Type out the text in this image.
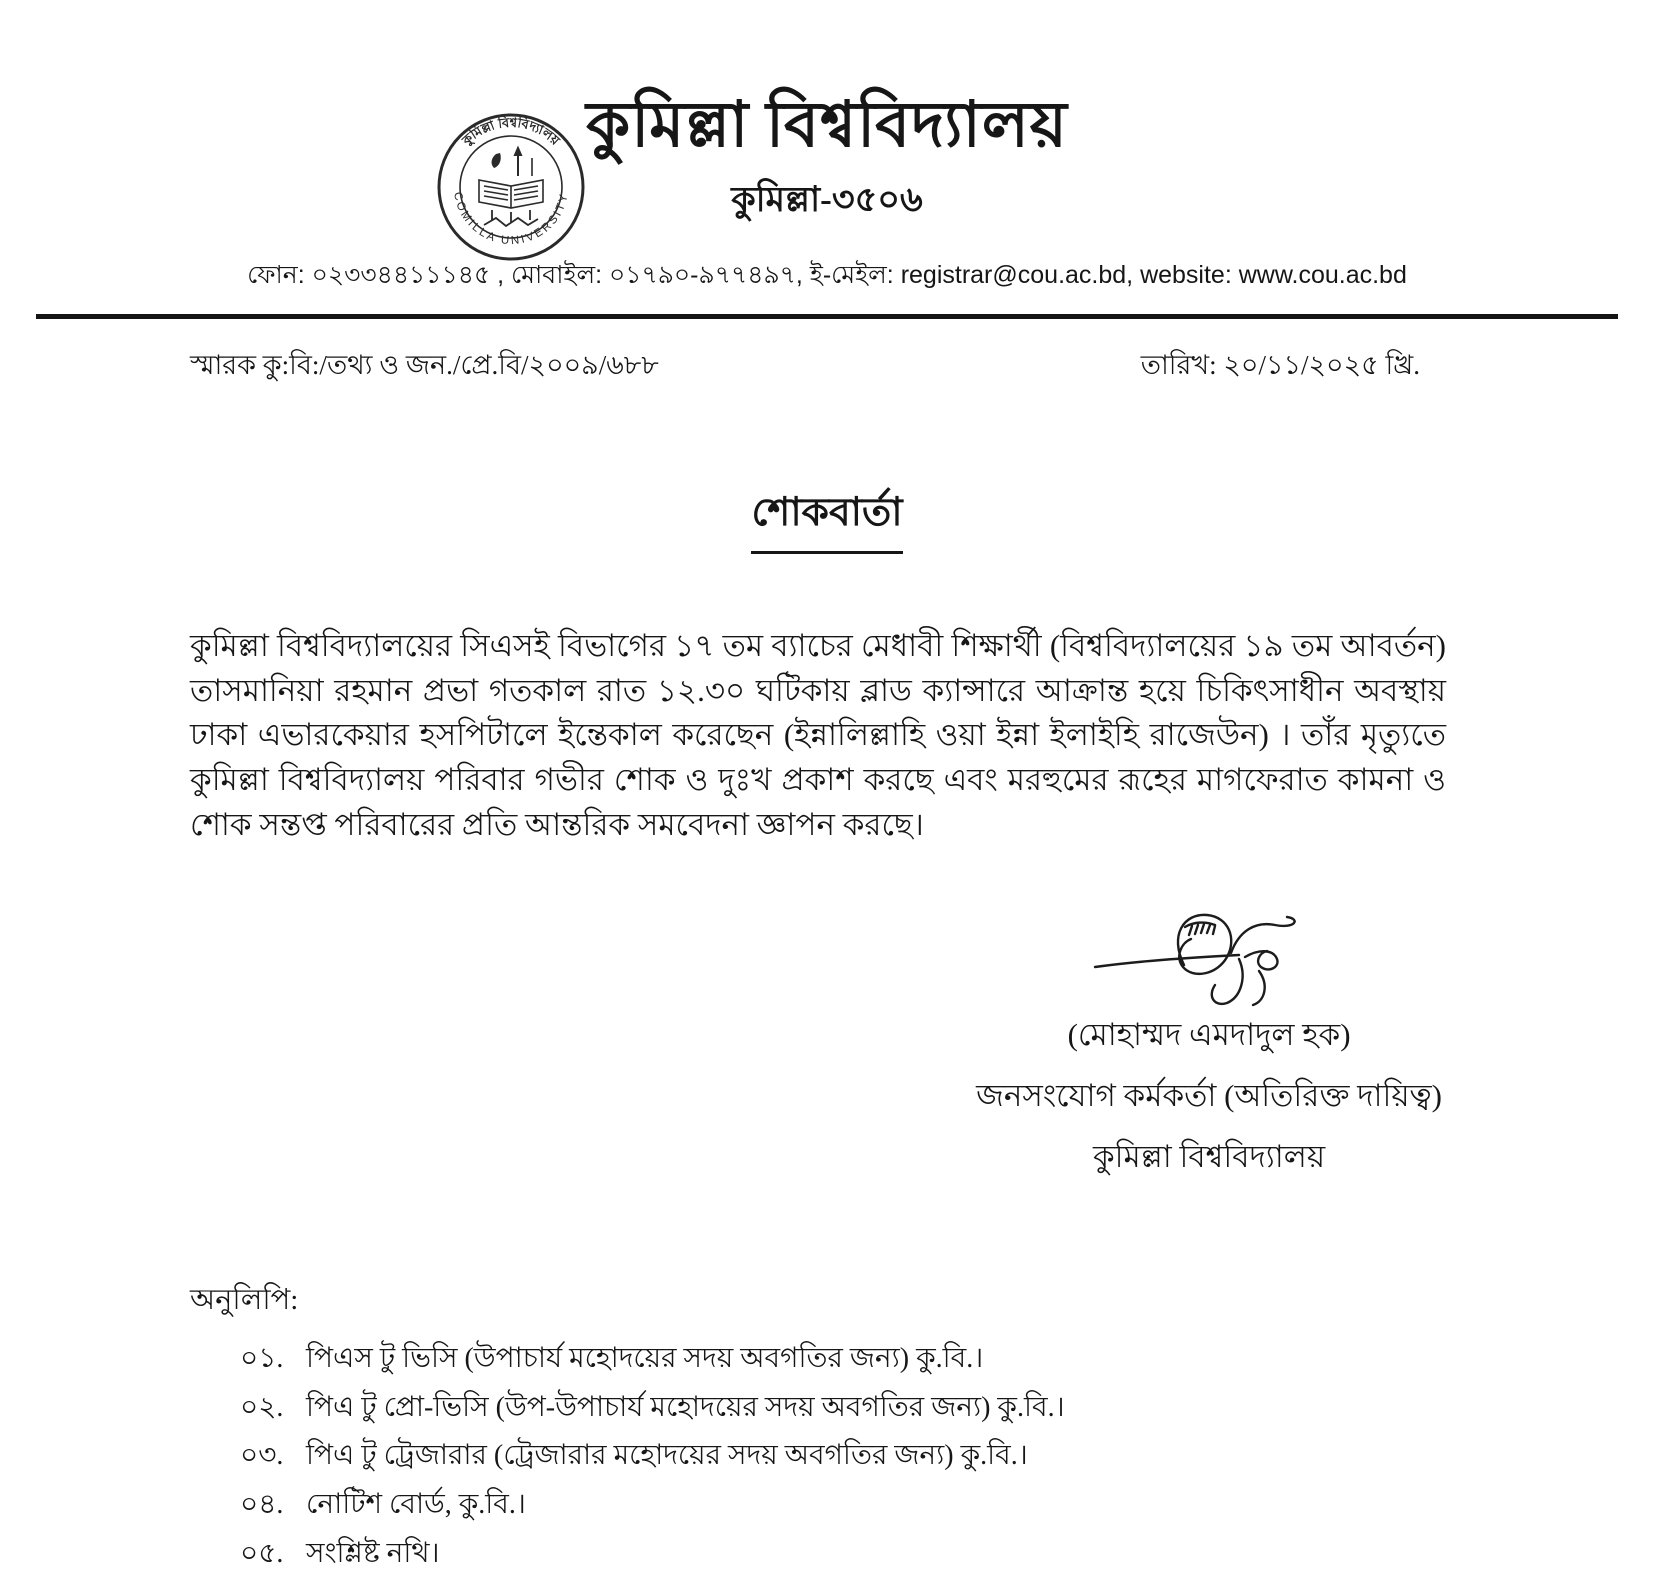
কুমিল্লা বিশ্ববিদ্যালয়
COMILLA UNIVERSITY
কুমিল্লা বিশ্ববিদ্যালয়
কুমিল্লা-৩৫০৬
ফোন: ০২৩৩৪৪১১১৪৫ , মোবাইল: ০১৭৯০-৯৭৭৪৯৭, ই-মেইল: registrar@cou.ac.bd, website: www.cou.ac.bd
স্মারক কু:বি:/তথ্য ও জন./প্রে.বি/২০০৯/৬৮৮	তারিখ: ২০/১১/২০২৫ খ্রি.
শোকবার্তা

কুমিল্লা বিশ্ববিদ্যালয়ের সিএসই বিভাগের ১৭ তম ব্যাচের মেধাবী শিক্ষার্থী (বিশ্ববিদ্যালয়ের ১৯ তম আবর্তন) তাসমানিয়া রহমান প্রভা গতকাল রাত ১২.৩০ ঘটিকায় ব্লাড ক্যান্সারে আক্রান্ত হয়ে চিকিৎসাধীন অবস্থায় ঢাকা এভারকেয়ার হসপিটালে ইন্তেকাল করেছেন (ইন্নালিল্লাহি ওয়া ইন্না ইলাইহি রাজেউন) । তাঁর মৃত্যুতে কুমিল্লা বিশ্ববিদ্যালয় পরিবার গভীর শোক ও দুঃখ প্রকাশ করছে এবং মরহুমের রূহের মাগফেরাত কামনা ও শোক সন্তপ্ত পরিবারের প্রতি আন্তরিক সমবেদনা জ্ঞাপন করছে।

(মোহাম্মদ এমদাদুল হক)
জনসংযোগ কর্মকর্তা (অতিরিক্ত দায়িত্ব)
কুমিল্লা বিশ্ববিদ্যালয়
অনুলিপি:
০১. পিএস টু ভিসি (উপাচার্য মহোদয়ের সদয় অবগতির জন্য) কু.বি.।
০২. পিএ টু প্রো-ভিসি (উপ-উপাচার্য মহোদয়ের সদয় অবগতির জন্য) কু.বি.।
০৩. পিএ টু ট্রেজারার (ট্রেজারার মহোদয়ের সদয় অবগতির জন্য) কু.বি.।
০৪. নোটিশ বোর্ড, কু.বি.।
০৫. সংশ্লিষ্ট নথি।
